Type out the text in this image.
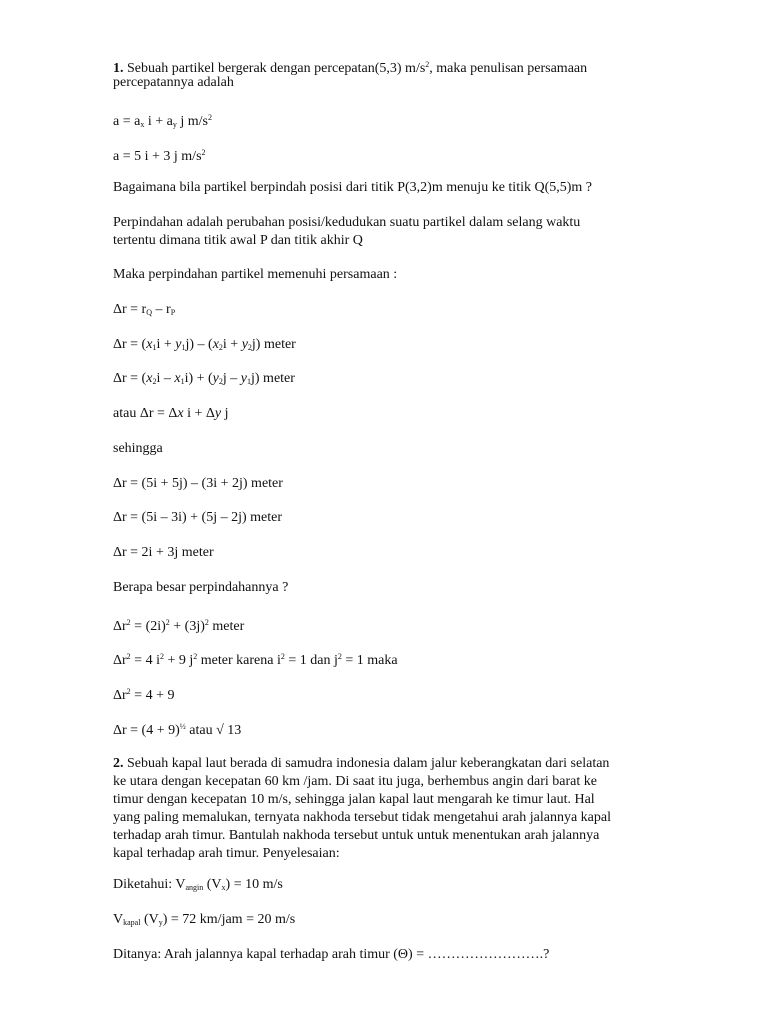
1. Sebuah partikel bergerak dengan percepatan(5,3) $m/s^2$, maka penulisan persamaan
percepatannya adalah
$a = a_x$ $i + a_y$ j $m/s^2$
a = 5 i + 3 j $m/s^2$
Bagaimana bila partikel berpindah posisi dari titik P(3,2)m menuju ke titik Q(5,5)m ?
Perpindahan adalah perubahan posisi/kedudukan suatu partikel dalam selang waktu
tertentu dimana titik awal P dan titik akhir Q
Maka perpindahan partikel memenuhi persamaan :
$\Delta r = r_Q - r_P$
$\Delta r = (x_1i + y_1j) - (x_2i + y_2j)$ meter
$\Delta r = (x_2i - x_1i) + (y_2j - y_1j)$ meter
atau Δr = Δx i + Δy j
sehingga
Δr = (5i + 5j) – (3i + 2j) meter
Δr = (5i – 3i) + (5j – 2j) meter
Δr = 2i + 3j meter
Berapa besar perpindahannya ?
$\Delta r^2 = (2i)^2 + (3j)^2$ meter
$\Delta r^2 = 4$ $i^2 + 9$ $j^2$ meter karena $i^2 = 1$ dan $j^2 = 1$ maka
$\Delta r^2 = 4 + 9$
$\Delta r = (4 + 9)^{\frac{1}{2}}$ atau √ 13
2. Sebuah kapal laut berada di samudra indonesia dalam jalur keberangkatan dari selatan
ke utara dengan kecepatan 60 km /jam. Di saat itu juga, berhembus angin dari barat ke
timur dengan kecepatan 10 m/s, sehingga jalan kapal laut mengarah ke timur laut. Hal
yang paling memalukan, ternyata nakhoda tersebut tidak mengetahui arah jalannya kapal
terhadap arah timur. Bantulah nakhoda tersebut untuk untuk menentukan arah jalannya
kapal terhadap arah timur. Penyelesaian:
Diketahui: $V_{angin}$ $(V_x) = 10$ m/s
$V_{kapal}$ $(V_y) = 72$ km/jam = 20 m/s
Ditanya: Arah jalannya kapal terhadap arah timur (Θ) = …………………….?
